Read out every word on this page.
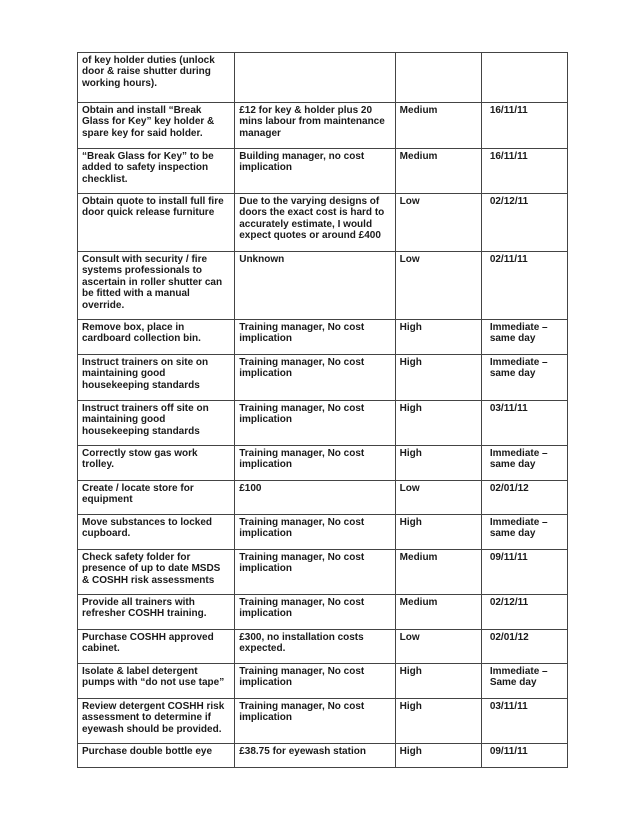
of key holder duties (unlock door & raise shutter during working hours).			
Obtain and install “Break Glass for Key” key holder & spare key for said holder.	£12 for key & holder plus 20 mins labour from maintenance manager	Medium	16/11/11
“Break Glass for Key” to be added to safety inspection checklist.	Building manager, no cost implication	Medium	16/11/11
Obtain quote to install full fire door quick release furniture	Due to the varying designs of doors the exact cost is hard to accurately estimate, I would expect quotes or around £400	Low	02/12/11
Consult with security / fire systems professionals to ascertain in roller shutter can be fitted with a manual override.	Unknown	Low	02/11/11
Remove box, place in cardboard collection bin.	Training manager, No cost implication	High	Immediate – same day
Instruct trainers on site on maintaining good housekeeping standards	Training manager, No cost implication	High	Immediate – same day
Instruct trainers off site on maintaining good housekeeping standards	Training manager, No cost implication	High	03/11/11
Correctly stow gas work trolley.	Training manager, No cost implication	High	Immediate – same day
Create / locate store for equipment	£100	Low	02/01/12
Move substances to locked cupboard.	Training manager, No cost implication	High	Immediate – same day
Check safety folder for presence of up to date MSDS & COSHH risk assessments	Training manager, No cost implication	Medium	09/11/11
Provide all trainers with refresher COSHH training.	Training manager, No cost implication	Medium	02/12/11
Purchase COSHH approved cabinet.	£300, no installation costs expected.	Low	02/01/12
Isolate & label detergent pumps with “do not use tape”	Training manager, No cost implication	High	Immediate – Same day
Review detergent COSHH risk assessment to determine if eyewash should be provided.	Training manager, No cost implication	High	03/11/11
Purchase double bottle eye	£38.75 for eyewash station	High	09/11/11
